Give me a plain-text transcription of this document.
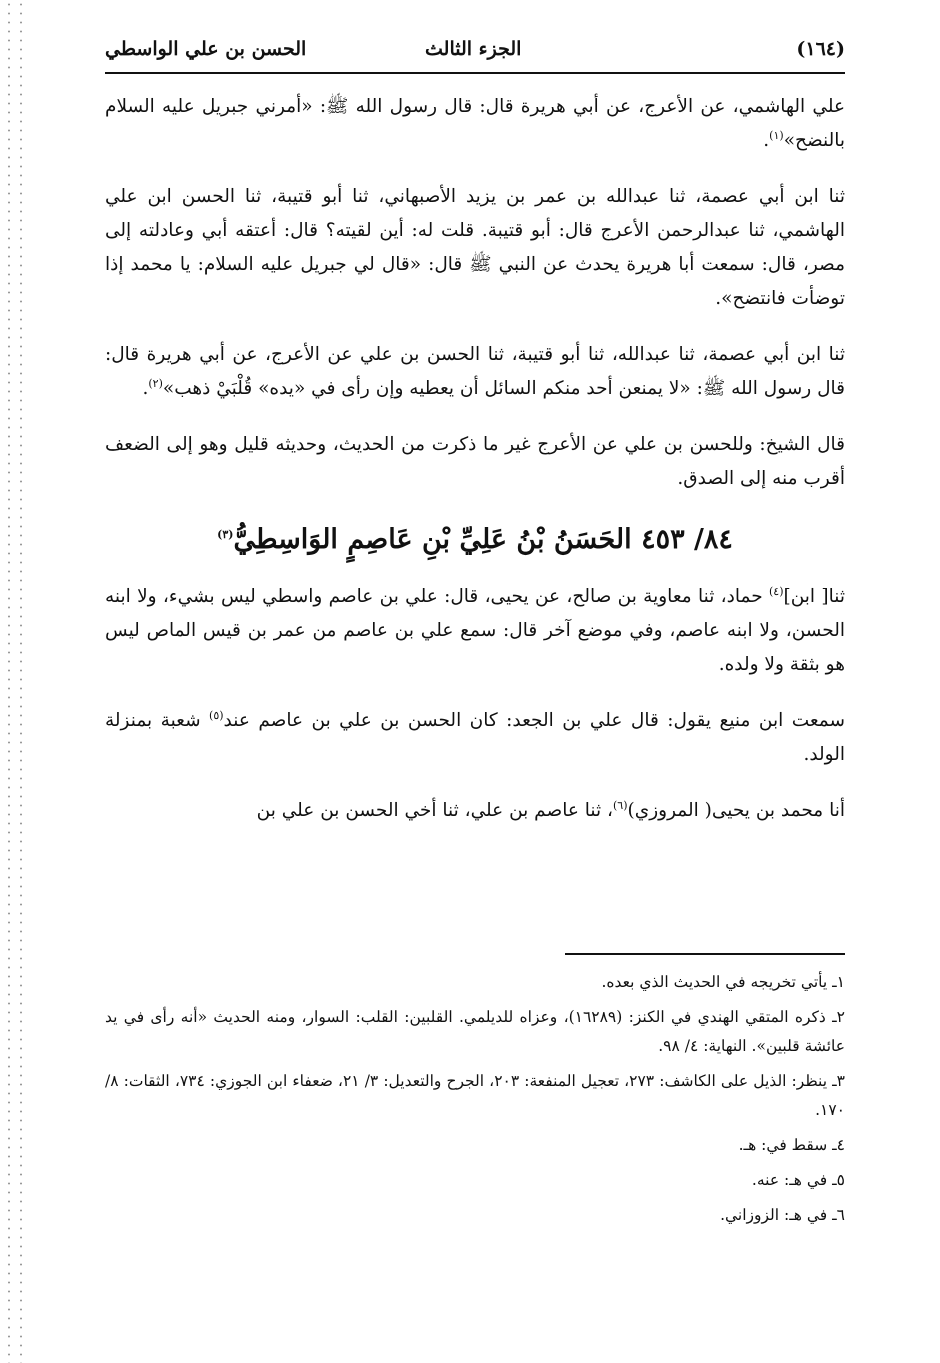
(١٦٤)
الجزء الثالث
الحسن بن علي الواسطي

علي الهاشمي، عن الأعرج، عن أبي هريرة قال: قال رسول الله ﷺ: «أمرني جبريل عليه السلام بالنضح»$^{(١)}$.

ثنا ابن أبي عصمة، ثنا عبدالله بن عمر بن يزيد الأصبهاني، ثنا أبو قتيبة، ثنا الحسن ابن علي الهاشمي، ثنا عبدالرحمن الأعرج قال: أبو قتيبة. قلت له: أين لقيته؟ قال: أعتقه أبي وعادلته إلى مصر، قال: سمعت أبا هريرة يحدث عن النبي ﷺ قال: «قال لي جبريل عليه السلام: يا محمد إذا توضأت فانتضح».

ثنا ابن أبي عصمة، ثنا عبدالله، ثنا أبو قتيبة، ثنا الحسن بن علي عن الأعرج، عن أبي هريرة قال: قال رسول الله ﷺ: «لا يمنعن أحد منكم السائل أن يعطيه وإن رأى في «يده» قُلْبَيْ ذهب»$^{(٢)}$.

قال الشيخ: وللحسن بن علي عن الأعرج غير ما ذكرت من الحديث، وحديثه قليل وهو إلى الضعف أقرب منه إلى الصدق.

٨٤/ ٤٥٣ الحَسَنُ بْنُ عَلِيِّ بْنِ عَاصِمٍ الوَاسِطِيُّ$^{(٣)}$

ثنا[ ابن]$^{(٤)}$ حماد، ثنا معاوية بن صالح، عن يحيى، قال: علي بن عاصم واسطي ليس بشيء، ولا ابنه الحسن، ولا ابنه عاصم، وفي موضع آخر قال: سمع علي بن عاصم من عمر بن قيس الماص ليس هو بثقة ولا ولده.

سمعت ابن منيع يقول: قال علي بن الجعد: كان الحسن بن علي بن عاصم عند$^{(٥)}$ شعبة بمنزلة الولد.

أنا محمد بن يحيى( المروزي)$^{(٦)}$، ثنا عاصم بن علي، ثنا أخي الحسن بن علي بن

١ـ يأتي تخريجه في الحديث الذي بعده.
٢ـ ذكره المتقي الهندي في الكنز: (١٦٢٨٩)، وعزاه للديلمي. القلبين: القلب: السوار، ومنه الحديث «أنه رأى في يد عائشة قلبين». النهاية: ٤/ ٩٨.
٣ـ ينظر: الذيل على الكاشف: ٢٧٣، تعجيل المنفعة: ٢٠٣، الجرح والتعديل: ٣/ ٢١، ضعفاء ابن الجوزي: ٧٣٤، الثقات: ٨/ ١٧٠.
٤ـ سقط في: هـ.
٥ـ في هـ: عنه.
٦ـ في هـ: الزوزاني.
